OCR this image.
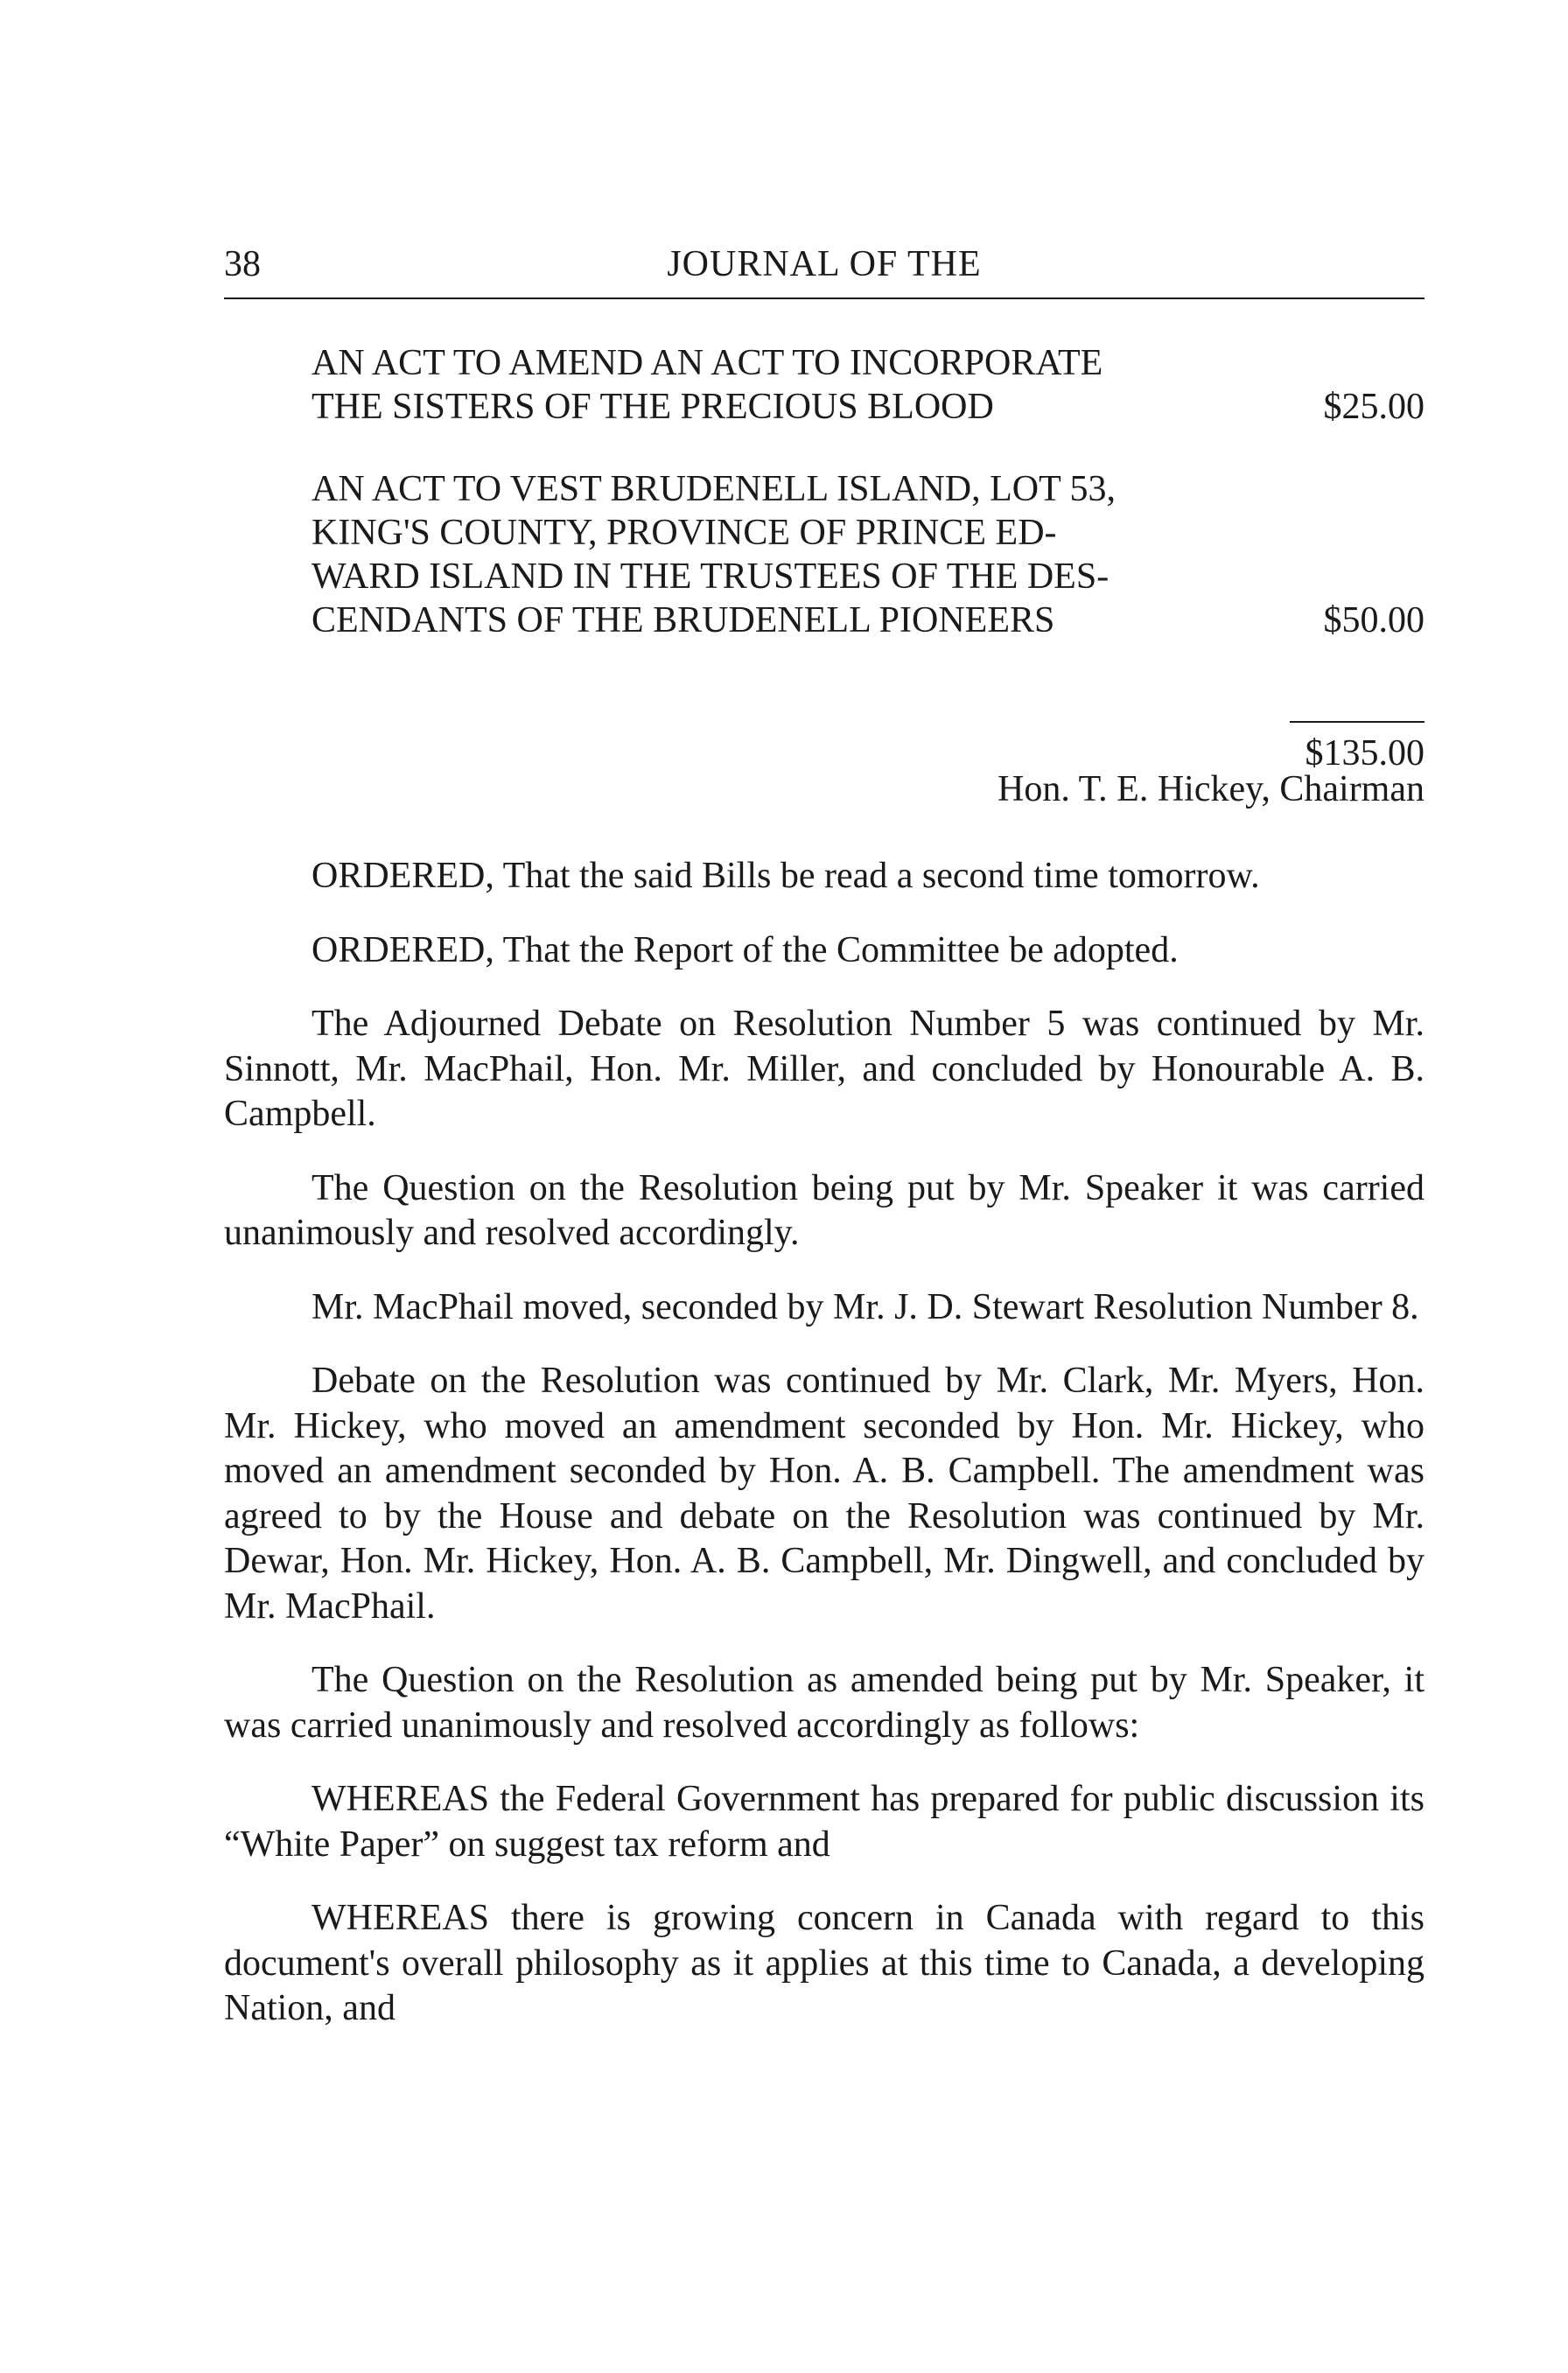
38	JOURNAL OF THE
AN ACT TO AMEND AN ACT TO INCORPORATE
THE SISTERS OF THE PRECIOUS BLOOD	$25.00
AN ACT TO VEST BRUDENELL ISLAND, LOT 53,
KING'S COUNTY, PROVINCE OF PRINCE ED-
WARD ISLAND IN THE TRUSTEES OF THE DES-
CENDANTS OF THE BRUDENELL PIONEERS	$50.00
$135.00
Hon. T. E. Hickey, Chairman

ORDERED, That the said Bills be read a second time tomorrow.

ORDERED, That the Report of the Committee be adopted.

The Adjourned Debate on Resolution Number 5 was continued by Mr. Sinnott, Mr. MacPhail, Hon. Mr. Miller, and concluded by Honourable A. B. Campbell.

The Question on the Resolution being put by Mr. Speaker it was carried unanimously and resolved accordingly.

Mr. MacPhail moved, seconded by Mr. J. D. Stewart Resolution Number 8.

Debate on the Resolution was continued by Mr. Clark, Mr. Myers, Hon. Mr. Hickey, who moved an amendment seconded by Hon. Mr. Hickey, who moved an amendment seconded by Hon. A. B. Campbell. The amendment was agreed to by the House and debate on the Resolution was continued by Mr. Dewar, Hon. Mr. Hickey, Hon. A. B. Campbell, Mr. Dingwell, and concluded by Mr. MacPhail.

The Question on the Resolution as amended being put by Mr. Speaker, it was carried unanimously and resolved accordingly as follows:

WHEREAS the Federal Government has prepared for public discussion its “White Paper” on suggest tax reform and

WHEREAS there is growing concern in Canada with regard to this document's overall philosophy as it applies at this time to Canada, a developing Nation, and
